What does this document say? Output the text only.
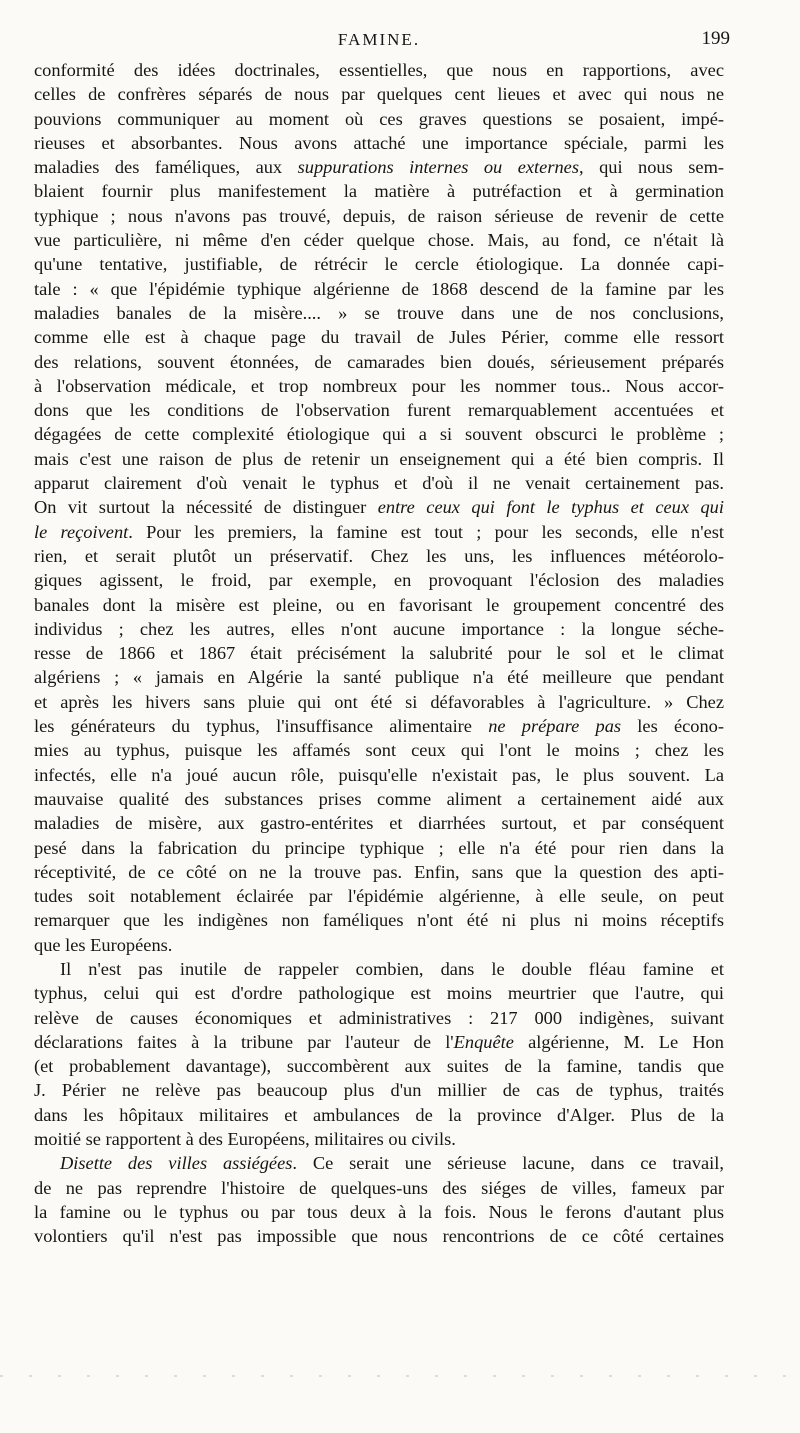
FAMINE.	199

conformité des idées doctrinales, essentielles, que nous en rapportions, avec
celles de confrères séparés de nous par quelques cent lieues et avec qui nous ne
pouvions communiquer au moment où ces graves questions se posaient, impé-
rieuses et absorbantes. Nous avons attaché une importance spéciale, parmi les
maladies des faméliques, aux suppurations internes ou externes, qui nous sem-
blaient fournir plus manifestement la matière à putréfaction et à germination
typhique ; nous n'avons pas trouvé, depuis, de raison sérieuse de revenir de cette
vue particulière, ni même d'en céder quelque chose. Mais, au fond, ce n'était là
qu'une tentative, justifiable, de rétrécir le cercle étiologique. La donnée capi-
tale : « que l'épidémie typhique algérienne de 1868 descend de la famine par les
maladies banales de la misère.... » se trouve dans une de nos conclusions,
comme elle est à chaque page du travail de Jules Périer, comme elle ressort
des relations, souvent étonnées, de camarades bien doués, sérieusement préparés
à l'observation médicale, et trop nombreux pour les nommer tous.. Nous accor-
dons que les conditions de l'observation furent remarquablement accentuées et
dégagées de cette complexité étiologique qui a si souvent obscurci le problème ;
mais c'est une raison de plus de retenir un enseignement qui a été bien compris. Il
apparut clairement d'où venait le typhus et d'où il ne venait certainement pas.
On vit surtout la nécessité de distinguer entre ceux qui font le typhus et ceux qui
le reçoivent. Pour les premiers, la famine est tout ; pour les seconds, elle n'est
rien, et serait plutôt un préservatif. Chez les uns, les influences météorolo-
giques agissent, le froid, par exemple, en provoquant l'éclosion des maladies
banales dont la misère est pleine, ou en favorisant le groupement concentré des
individus ; chez les autres, elles n'ont aucune importance : la longue séche-
resse de 1866 et 1867 était précisément la salubrité pour le sol et le climat
algériens ; « jamais en Algérie la santé publique n'a été meilleure que pendant
et après les hivers sans pluie qui ont été si défavorables à l'agriculture. » Chez
les générateurs du typhus, l'insuffisance alimentaire ne prépare pas les écono-
mies au typhus, puisque les affamés sont ceux qui l'ont le moins ; chez les
infectés, elle n'a joué aucun rôle, puisqu'elle n'existait pas, le plus souvent. La
mauvaise qualité des substances prises comme aliment a certainement aidé aux
maladies de misère, aux gastro-entérites et diarrhées surtout, et par conséquent
pesé dans la fabrication du principe typhique ; elle n'a été pour rien dans la
réceptivité, de ce côté on ne la trouve pas. Enfin, sans que la question des apti-
tudes soit notablement éclairée par l'épidémie algérienne, à elle seule, on peut
remarquer que les indigènes non faméliques n'ont été ni plus ni moins réceptifs
que les Européens.

Il n'est pas inutile de rappeler combien, dans le double fléau famine et
typhus, celui qui est d'ordre pathologique est moins meurtrier que l'autre, qui
relève de causes économiques et administratives : 217 000 indigènes, suivant
déclarations faites à la tribune par l'auteur de l'Enquête algérienne, M. Le Hon
(et probablement davantage), succombèrent aux suites de la famine, tandis que
J. Périer ne relève pas beaucoup plus d'un millier de cas de typhus, traités
dans les hôpitaux militaires et ambulances de la province d'Alger. Plus de la
moitié se rapportent à des Européens, militaires ou civils.

Disette des villes assiégées. Ce serait une sérieuse lacune, dans ce travail,
de ne pas reprendre l'histoire de quelques-uns des siéges de villes, fameux par
la famine ou le typhus ou par tous deux à la fois. Nous le ferons d'autant plus
volontiers qu'il n'est pas impossible que nous rencontrions de ce côté certaines
